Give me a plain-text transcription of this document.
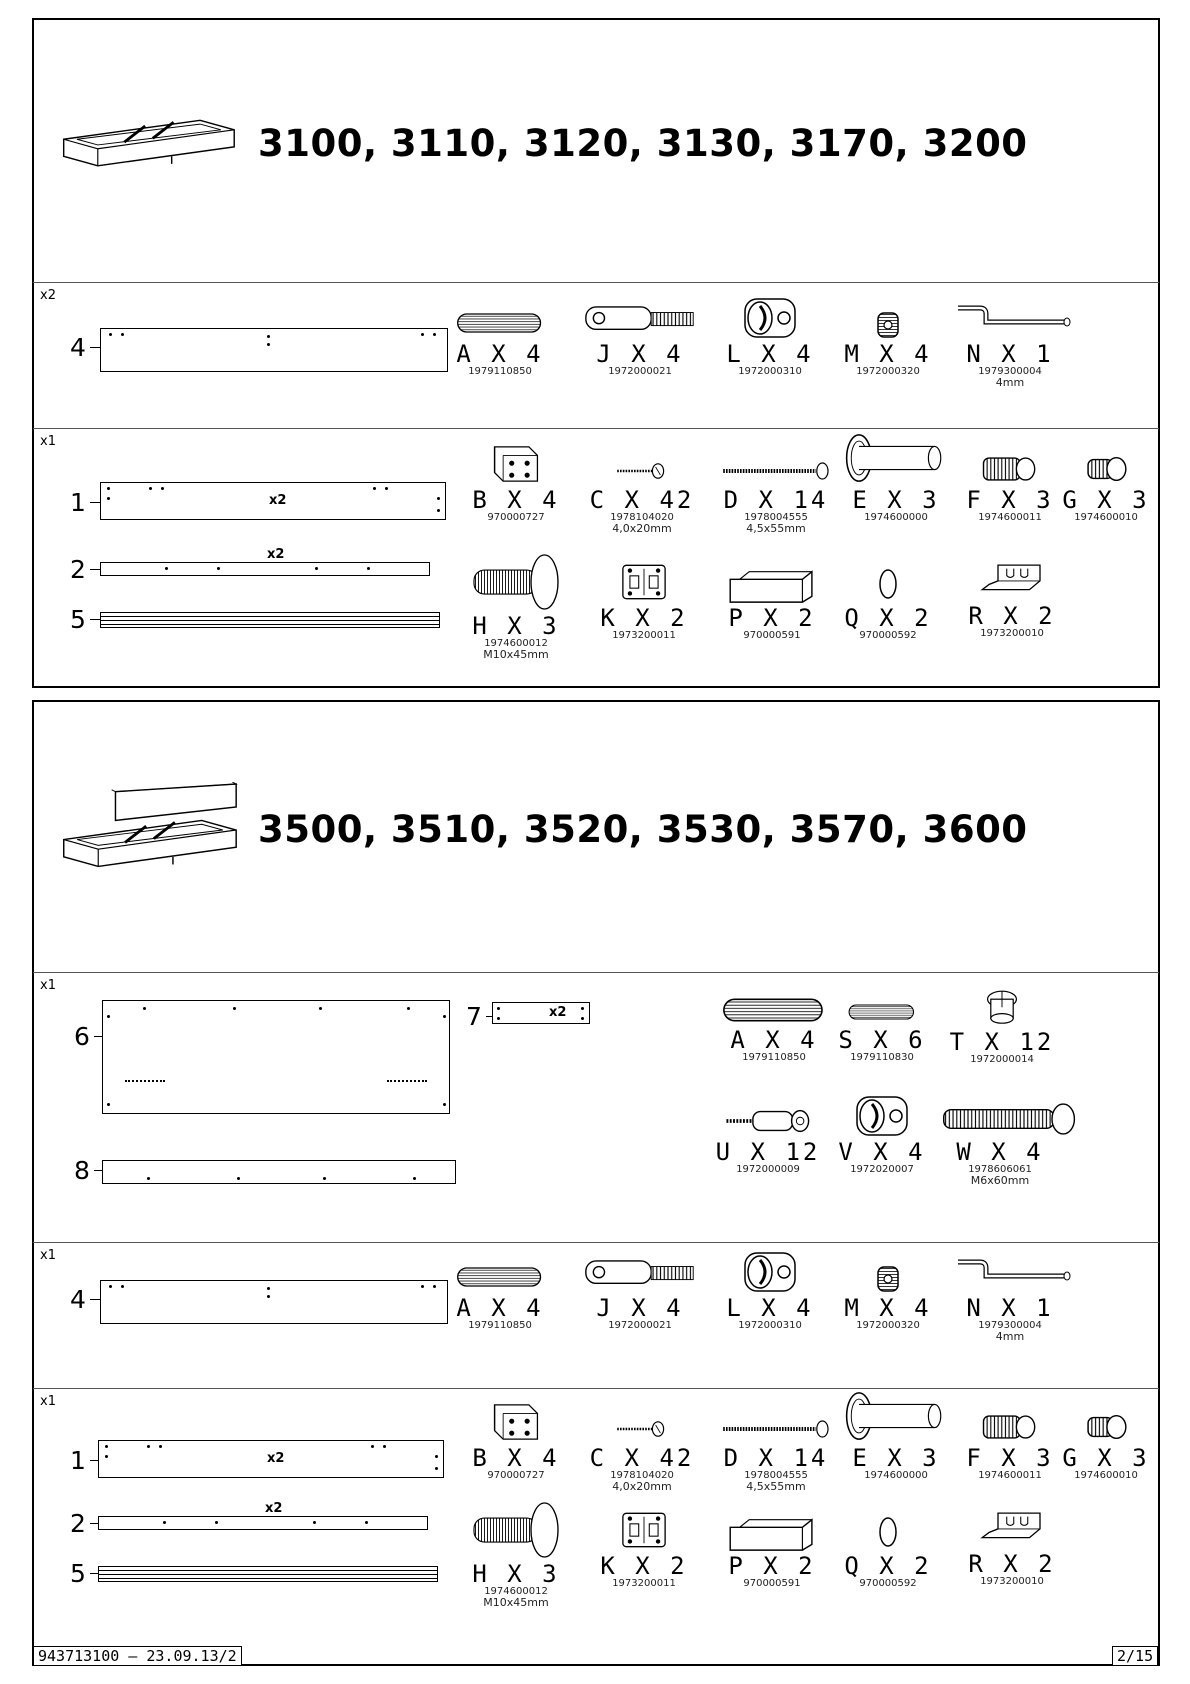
3100, 3110, 3120, 3130, 3170, 3200
x2
4	A X 4
1979110850
J X 4
1972000021
L X 4
1972000310
M X 4
1972000320
N X 1
1979300004
4mm
x1
1	x2
2
x2
5
B X 4
970000727
C X 42
1978104020
4,0x20mm
D X 14
1978004555
4,5x55mm
E X 3
1974600000
F X 3
1974600011
G X 3
1974600010
H X 3
1974600012
M10x45mm
K X 2
1973200011
P X 2
970000591
Q X 2
970000592
R X 2
1973200010
3500, 3510, 3520, 3530, 3570, 3600
x1
6
7	x2
8
A X 4
1979110850
S X 6
1979110830
T X 12
1972000014
U X 12
1972000009
V X 4
1972020007
W X 4
1978606061
M6x60mm
x1
4	A X 4
1979110850
J X 4
1972000021
L X 4
1972000310
M X 4
1972000320
N X 1
1979300004
4mm
x1
1	x2
2
x2
5
B X 4
970000727
C X 42
1978104020
4,0x20mm
D X 14
1978004555
4,5x55mm
E X 3
1974600000
F X 3
1974600011
G X 3
1974600010
H X 3
1974600012
M10x45mm
K X 2
1973200011
P X 2
970000591
Q X 2
970000592
R X 2
1973200010
943713100 – 23.09.13/2	2/15
